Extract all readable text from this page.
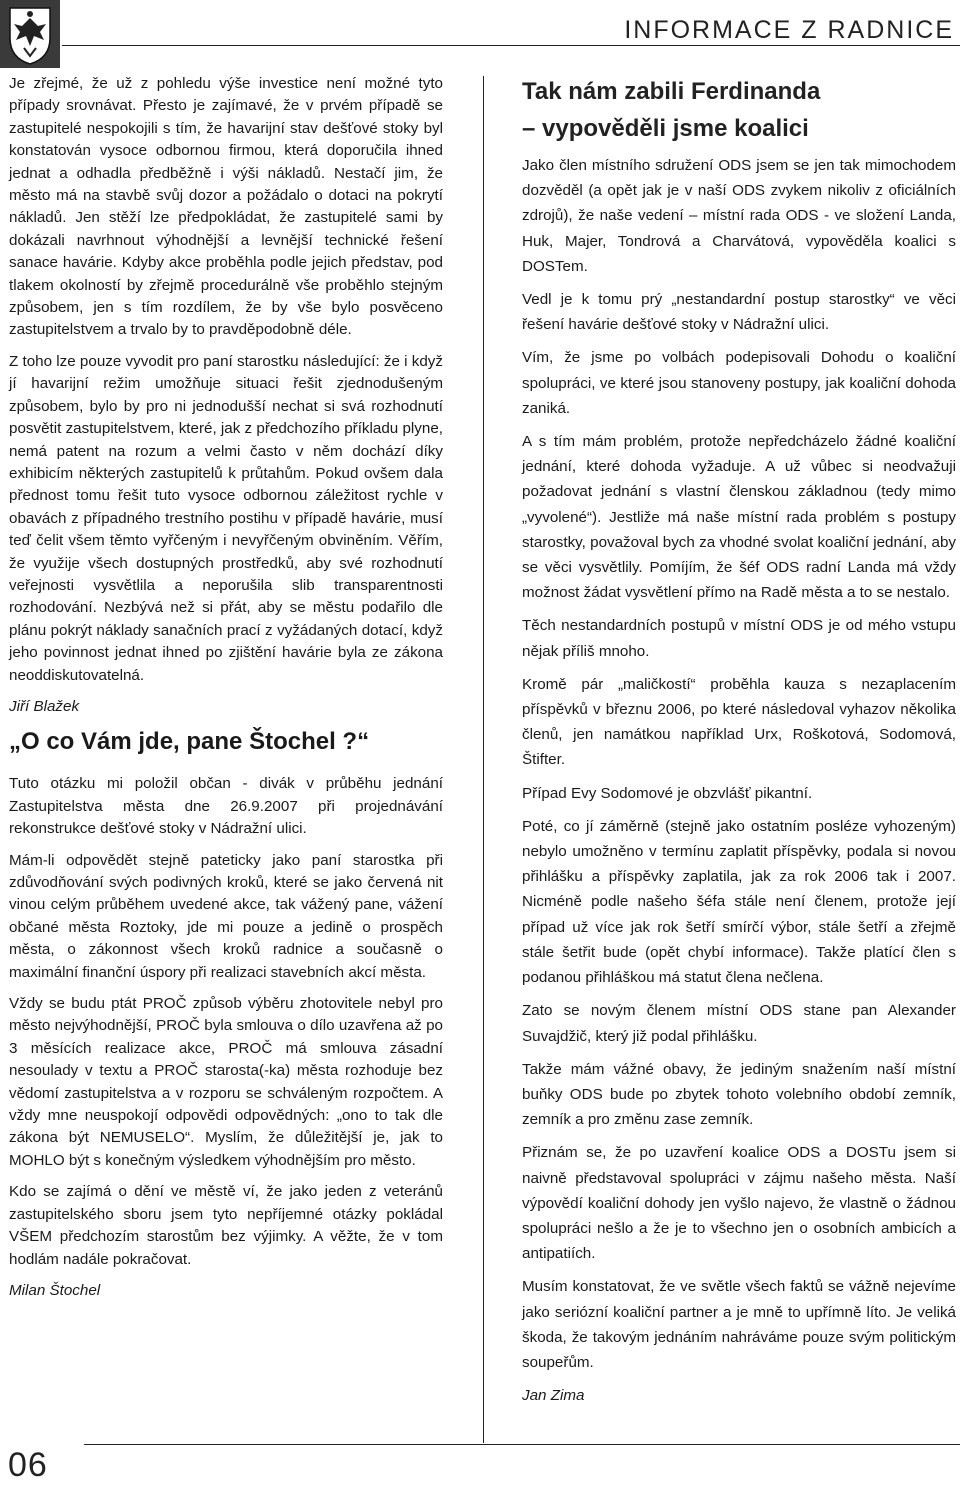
INFORMACE Z RADNICE

Je zřejmé, že už z pohledu výše investice není možné tyto případy srovnávat. Přesto je zajímavé, že v prvém případě se zastupitelé nespokojili s tím, že havarijní stav dešťové stoky byl konstatován vysoce odbornou firmou, která doporučila ihned jednat a odhadla předběžně i výši nákladů. Nestačí jim, že město má na stavbě svůj dozor a požádalo o dotaci na pokrytí nákladů. Jen stěží lze předpokládat, že zastupitelé sami by dokázali navrhnout výhodnější a levnější technické řešení sanace havárie. Kdyby akce proběhla podle jejich představ, pod tlakem okolností by zřejmě procedurálně vše proběhlo stejným způsobem, jen s tím rozdílem, že by vše bylo posvěceno zastupitelstvem a trvalo by to pravděpodobně déle.

Z toho lze pouze vyvodit pro paní starostku následující: že i když jí havarijní režim umožňuje situaci řešit zjednodušeným způsobem, bylo by pro ni jednodušší nechat si svá rozhodnutí posvětit zastupitelstvem, které, jak z předchozího příkladu plyne, nemá patent na rozum a velmi často v něm dochází díky exhibicím některých zastupitelů k průtahům. Pokud ovšem dala přednost tomu řešit tuto vysoce odbornou záležitost rychle v obavách z případného trestního postihu v případě havárie, musí teď čelit všem těmto vyřčeným i nevyřčeným obviněním. Věřím, že využije všech dostupných prostředků, aby své rozhodnutí veřejnosti vysvětlila a neporušila slib transparentnosti rozhodování. Nezbývá než si přát, aby se městu podařilo dle plánu pokrýt náklady sanačních prací z vyžádaných dotací, když jeho povinnost jednat ihned po zjištění havárie byla ze zákona neoddiskutovatelná.

Jiří Blažek

„O co Vám jde, pane Štochel ?“

Tuto otázku mi položil občan - divák v průběhu jednání Zastupitelstva města dne 26.9.2007 při projednávání rekonstrukce dešťové stoky v Nádražní ulici.

Mám-li odpovědět stejně pateticky jako paní starostka při zdůvodňování svých podivných kroků, které se jako červená nit vinou celým průběhem uvedené akce, tak vážený pane, vážení občané města Roztoky, jde mi pouze a jedině o prospěch města, o zákonnost všech kroků radnice a současně o maximální finanční úspory při realizaci stavebních akcí města.

Vždy se budu ptát PROČ způsob výběru zhotovitele nebyl pro město nejvýhodnější, PROČ byla smlouva o dílo uzavřena až po 3 měsících realizace akce, PROČ má smlouva zásadní nesoulady v textu a PROČ starosta(-ka) města rozhoduje bez vědomí zastupitelstva a v rozporu se schváleným rozpočtem. A vždy mne neuspokojí odpovědi odpovědných: „ono to tak dle zákona být NEMUSELO“. Myslím, že důležitější je, jak to MOHLO být s konečným výsledkem výhodnějším pro město.

Kdo se zajímá o dění ve městě ví, že jako jeden z veteránů zastupitelského sboru jsem tyto nepříjemné otázky pokládal VŠEM předchozím starostům bez výjimky. A věžte, že v tom hodlám nadále pokračovat.

Milan Štochel

Tak nám zabili Ferdinanda
– vypověděli jsme koalici

Jako člen místního sdružení ODS jsem se jen tak mimochodem dozvěděl (a opět jak je v naší ODS zvykem nikoliv z oficiálních zdrojů), že naše vedení – místní rada ODS - ve složení Landa, Huk, Majer, Tondrová a Charvátová, vypověděla koalici s DOSTem.

Vedl je k tomu prý „nestandardní postup starostky“ ve věci řešení havárie dešťové stoky v Nádražní ulici.

Vím, že jsme po volbách podepisovali Dohodu o koaliční spolupráci, ve které jsou stanoveny postupy, jak koaliční dohoda zaniká.

A s tím mám problém, protože nepředcházelo žádné koaliční jednání, které dohoda vyžaduje. A už vůbec si neodvažuji požadovat jednání s vlastní členskou základnou (tedy mimo „vyvolené“). Jestliže má naše místní rada problém s postupy starostky, považoval bych za vhodné svolat koaliční jednání, aby se věci vysvětlily. Pomíjím, že šéf ODS radní Landa má vždy možnost žádat vysvětlení přímo na Radě města a to se nestalo.

Těch nestandardních postupů v místní ODS je od mého vstupu nějak příliš mnoho.

Kromě pár „maličkostí“ proběhla kauza s nezaplacením příspěvků v březnu 2006, po které následoval vyhazov několika členů, jen namátkou například Urx, Roškotová, Sodomová, Štifter.

Případ Evy Sodomové je obzvlášť pikantní.

Poté, co jí záměrně (stejně jako ostatním posléze vyhozeným) nebylo umožněno v termínu zaplatit příspěvky, podala si novou přihlášku a příspěvky zaplatila, jak za rok 2006 tak i 2007. Nicméně podle našeho šéfa stále není členem, protože její případ už více jak rok šetří smírčí výbor, stále šetří a zřejmě stále šetřit bude (opět chybí informace). Takže platící člen s podanou přihláškou má statut člena nečlena.

Zato se novým členem místní ODS stane pan Alexander Suvajdžič, který již podal přihlášku.

Takže mám vážné obavy, že jediným snažením naší místní buňky ODS bude po zbytek tohoto volebního období zemník, zemník a pro změnu zase zemník.

Přiznám se, že po uzavření koalice ODS a DOSTu jsem si naivně představoval spolupráci v zájmu našeho města. Naší výpovědí koaliční dohody jen vyšlo najevo, že vlastně o žádnou spolupráci nešlo a že je to všechno jen o osobních ambicích a antipatiích.

Musím konstatovat, že ve světle všech faktů se vážně nejevíme jako seriózní koaliční partner a je mně to upřímně líto. Je veliká škoda, že takovým jednáním nahráváme pouze svým politickým soupeřům.

Jan Zima

06
